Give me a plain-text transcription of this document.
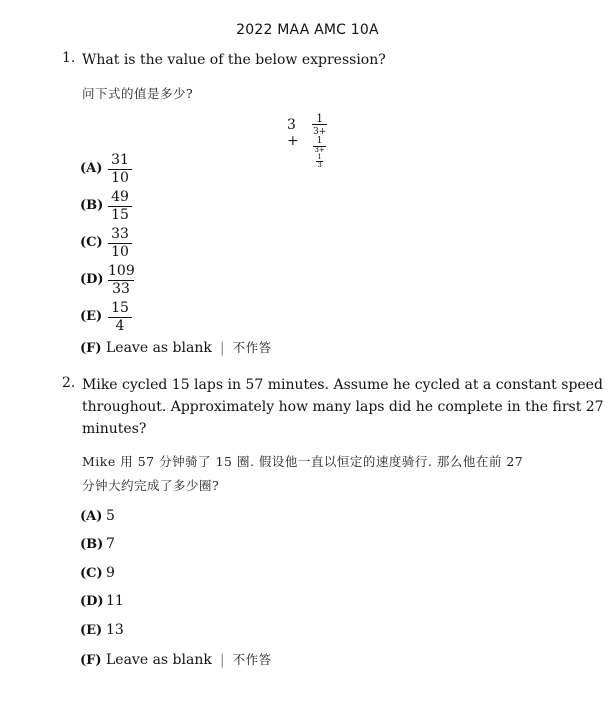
2022 MAA AMC 10A
1. What is the value of the below expression?
问下式的值是多少?
3 + 1
3+
1
3+
$\frac{1}{3}$
$(A) \frac{31}{10}$
$(B) \frac{49}{15}$
$(C) \frac{33}{10}$
$(D) \frac{109}{33}$
$(E) \frac{15}{4}$
(F) Leave as blank | 不作答
2. Mike cycled 15 laps in 57 minutes. Assume he cycled at a constant speed
throughout. Approximately how many laps did he complete in the first 27
minutes?
Mike 用 57 分钟骑了 15 圈. 假设他一直以恒定的速度骑行. 那么他在前 27
分钟大约完成了多少圈?
(A) 5
(B) 7
(C) 9
(D) 11
(E) 13
(F) Leave as blank | 不作答
